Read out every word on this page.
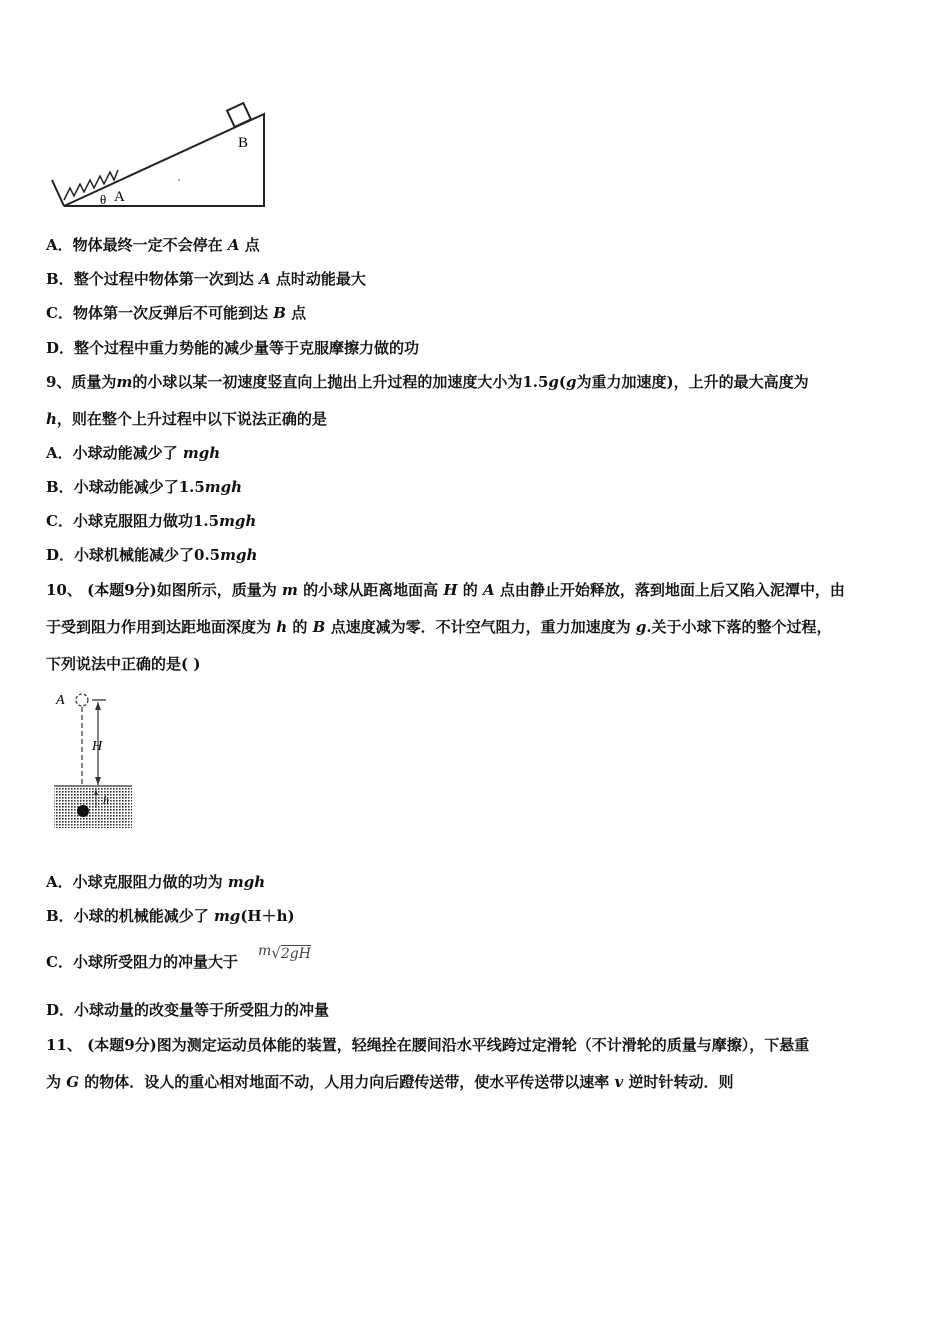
B
θ A
A．物体最终一定不会停在 A 点
B．整个过程中物体第一次到达 A 点时动能最大
C．物体第一次反弹后不可能到达 B 点
D．整个过程中重力势能的减少量等于克服摩擦力做的功
9、质量为m的小球以某一初速度竖直向上抛出上升过程的加速度大小为1.5g(g为重力加速度)，上升的最大高度为
h，则在整个上升过程中以下说法正确的是
A．小球动能减少了 mgh
B．小球动能减少了1.5mgh
C．小球克服阻力做功1.5mgh
D．小球机械能减少了0.5mgh
10、 (本题9分)如图所示，质量为 m 的小球从距离地面高 H 的 A 点由静止开始释放，落到地面上后又陷入泥潭中，由
于受到阻力作用到达距地面深度为 h 的 B 点速度减为零．不计空气阻力，重力加速度为 g.关于小球下落的整个过程，
下列说法中正确的是( )
A
H
h
A．小球克服阻力做的功为 mgh
B．小球的机械能减少了 mg(H＋h)
C．小球所受阻力的冲量大于
m√2gH
D．小球动量的改变量等于所受阻力的冲量
11、 (本题9分)图为测定运动员体能的装置，轻绳拴在腰间沿水平线跨过定滑轮（不计滑轮的质量与摩擦），下悬重
为 G 的物体．设人的重心相对地面不动，人用力向后蹬传送带，使水平传送带以速率 v 逆时针转动．则
